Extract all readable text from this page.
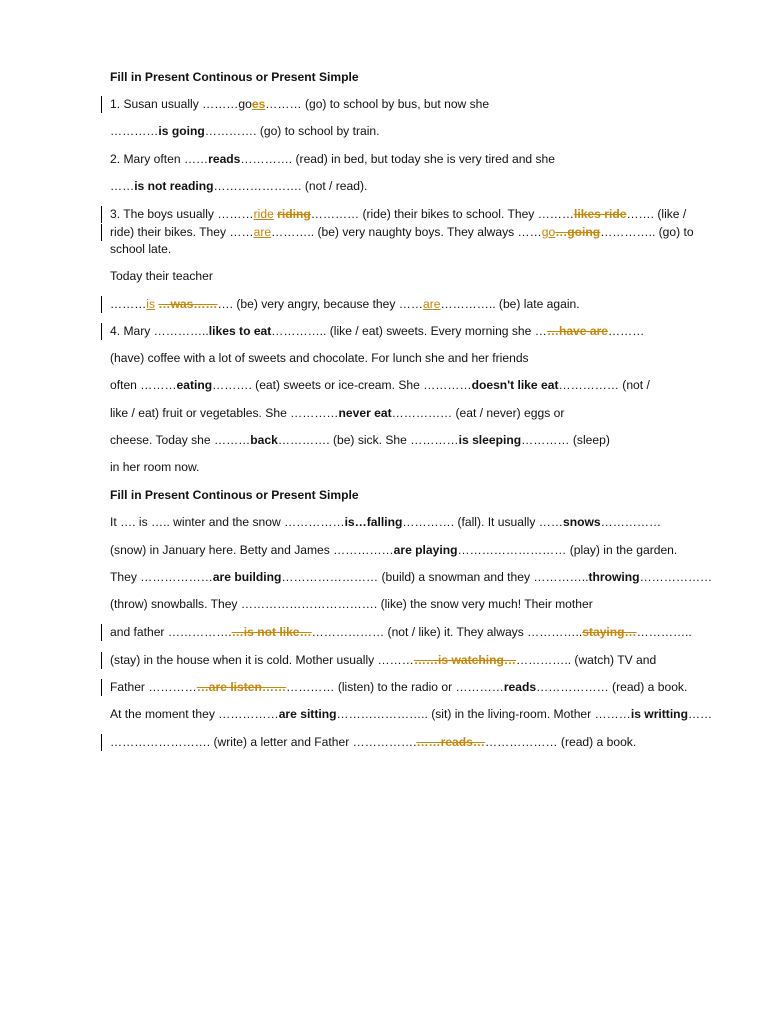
Fill in Present Continous or Present Simple
1. Susan usually ………goes……… (go) to school by bus, but now she
…………is going…………. (go) to school by train.
2. Mary often ……reads…………. (read) in bed, but today she is very tired and she
……is not reading…………………. (not / read).
3. The boys usually ………ride riding………… (ride) their bikes to school. They ………likes ride……. (like /
ride) their bikes. They ……are……….. (be) very naughty boys. They always ……go…going………….. (go) to
school late.
Today their teacher
………is …was………. (be) very angry, because they ……are………….. (be) late again.
4. Mary …………..likes to eat………….. (like / eat) sweets. Every morning she ……have are………
(have) coffee with a lot of sweets and chocolate. For lunch she and her friends
often ………eating………. (eat) sweets or ice-cream. She …………doesn't like eat…………… (not /
like / eat) fruit or vegetables. She …………never eat…………… (eat / never) eggs or
cheese. Today she ………back…………. (be) sick. She …………is sleeping………… (sleep)
in her room now.
Fill in Present Continous or Present Simple
It …. is ….. winter and the snow ……………is…falling…………. (fall). It usually ……snows……………
(snow) in January here. Betty and James ……………are playing……………………… (play) in the garden.
They ………………are building…………………… (build) a snowman and they …………..throwing………………
(throw) snowballs. They ……………………………. (like) the snow very much! Their mother
and father …………….…is not like………………… (not / like) it. They always …………..staying……………..
(stay) in the house when it is cold. Mother usually ……………is watching…………….. (watch) TV and
Father ……………are listen……………… (listen) to the radio or …………reads……………… (read) a book.
At the moment they ……………are sitting………………….. (sit) in the living-room. Mother ………is writting……
……………………. (write) a letter and Father …………….……reads………………… (read) a book.
